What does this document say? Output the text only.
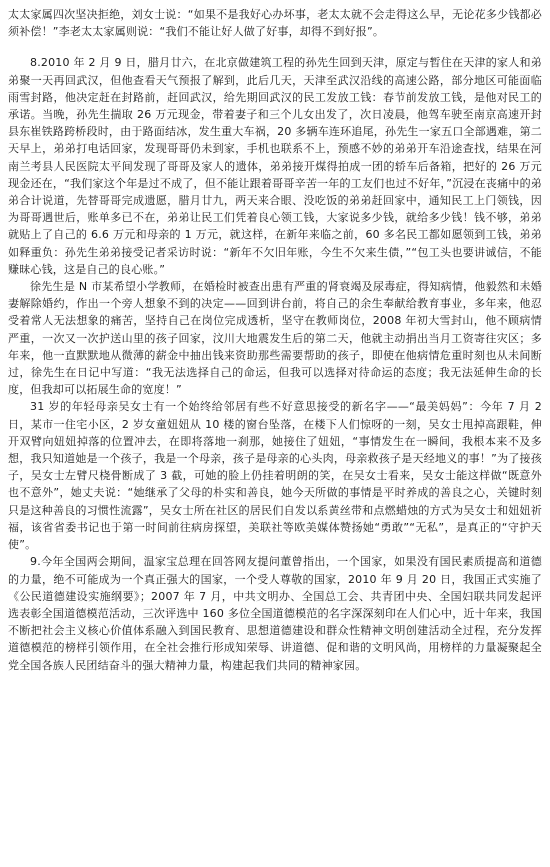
太太家属四次坚决拒绝，刘女士说：“如果不是我好心办坏事，老太太就不会走得这么早，无论花多少钱都必须补偿！”李老太太家属则说：“我们不能让好人做了好事，却得不到好报”。

8.2010 年 2 月 9 日，腊月廿六，在北京做建筑工程的孙先生回到天津，原定与暂住在天津的家人和弟弟聚一天再回武汉，但他查看天气预报了解到，此后几天，天津至武汉沿线的高速公路，部分地区可能面临雨雪封路，他决定赶在封路前，赶回武汉，给先期回武汉的民工发放工钱：春节前发放工钱，是他对民工的承诺。当晚，孙先生揣取 26 万元现金，带着妻子和三个儿女出发了，次日凌晨，他驾车驶至南京高速开封县东崔铁路跨桥段时，由于路面结冰，发生重大车祸，20 多辆车连环追尾，孙先生一家五口全部遇难，第二天早上，弟弟打电话回家，发现哥哥仍未到家，手机也联系不上，预感不妙的弟弟开车沿途查找，结果在河南兰考县人民医院太平间发现了哥哥及家人的遗体，弟弟接开煤得拍成一团的轿车后备箱，把好的 26 万元现金还在，“我们家这个年是过不成了，但不能让跟着哥哥辛苦一年的工友们也过不好年，”沉浸在丧痛中的弟弟合计说道，先替哥哥完成遗愿，腊月廿九，两天来合眼、没吃饭的弟弟赶回家中，通知民工上门领钱，因为哥哥遇世后，账单多已不在，弟弟让民工们凭着良心领工钱，大家说多少钱，就给多少钱！钱不够，弟弟就贴上了自己的 6.6 万元和母亲的 1 万元，就这样，在新年来临之前，60 多名民工都如愿领到工钱，弟弟如释重负：孙先生弟弟接受记者采访时说：“新年不欠旧年账，今生不欠来生债，”“包工头也要讲诚信，不能赚昧心钱，这是自己的良心账。”

徐先生是 N 市某希望小学教师，在婚检时被查出患有严重的肾衰竭及尿毒症，得知病情，他毅然和未婚妻解除婚约，作出一个旁人想象不到的决定——回到讲台前，将自己的余生奉献给教育事业，多年来，他忍受着常人无法想象的痛苦，坚持自己在岗位完成透析，坚守在教师岗位，2008 年初大雪封山，他不顾病情严重，一次又一次护送山里的孩子回家，汶川大地震发生后的第二天，他就主动捐出当月工资寄往灾区；多年来，他一直默默地从微薄的薪金中抽出钱来资助那些需要帮助的孩子，即使在他病情危重时刻也从未间断过，徐先生在日记中写道：“我无法选择自己的命运，但我可以选择对待命运的态度；我无法延伸生命的长度，但我却可以拓展生命的宽度！”

31 岁的年轻母亲吴女士有一个始终给邻居有些不好意思接受的新名字——“最美妈妈”：今年 7 月 2 日，某市一住宅小区，2 岁女童妞妞从 10 楼的窗台坠落，在楼下人们惊呀的一刻，吴女士甩掉高跟鞋，伸开双臂向妞妞掉落的位置冲去，在即将落地一刹那，她接住了妞妞，“事情发生在一瞬间，我根本来不及多想，我只知道她是一个孩子，我是一个母亲，孩子是母亲的心头肉，母亲救孩子是天经地义的事！”为了接孩子，吴女士左臂尺桡骨断成了 3 截，可她的脸上仍挂着明朗的笑，在吴女士看来，吴女士能这样做“既意外也不意外”，她丈夫说：“她继承了父母的朴实和善良，她今天所做的事情是平时养成的善良之心，关键时刻只是这种善良的习惯性流露”，吴女士所在社区的居民们自发以系黄丝带和点燃蜡烛的方式为吴女士和妞妞祈福，该省省委书记也于第一时间前往病房探望，美联社等欧美媒体赞扬她“勇敢”“无私”，是真正的“守护天使”。

9.今年全国两会期间，温家宝总理在回答网友提问董曾指出，一个国家，如果没有国民素质提高和道德的力量，绝不可能成为一个真正强大的国家，一个受人尊敬的国家，2010 年 9 月 20 日，我国正式实施了《公民道德建设实施纲要》；2007 年 7 月，中共文明办、全国总工会、共青团中央、全国妇联共同发起评选表彰全国道德模范活动，三次评选中 160 多位全国道德模范的名字深深刻印在人们心中，近十年来，我国不断把社会主义核心价值体系融入到国民教育、思想道德建设和群众性精神文明创建活动全过程，充分发挥道德模范的榜样引领作用，在全社会推行形成知荣辱、讲道德、促和谐的文明风尚，用榜样的力量凝聚起全党全国各族人民团结奋斗的强大精神力量，构建起我们共同的精神家园。
